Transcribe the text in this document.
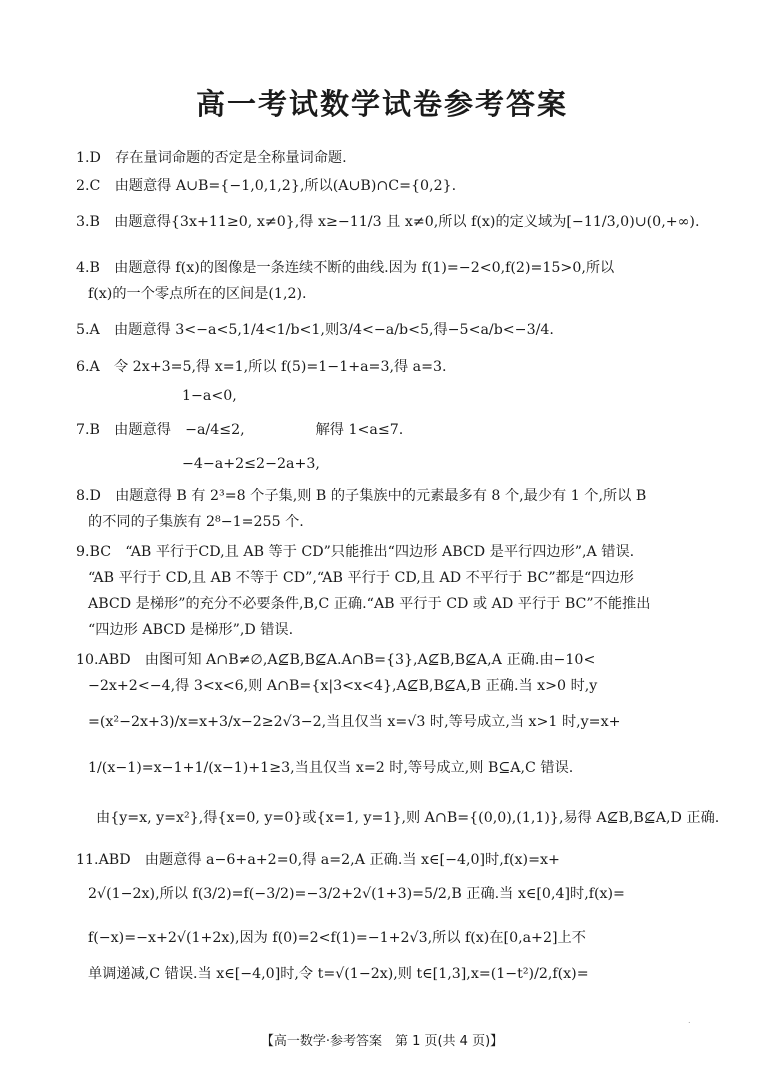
高一考试数学试卷参考答案
1.D　存在量词命题的否定是全称量词命题.
2.C　由题意得 A∪B={−1,0,1,2},所以(A∪B)∩C={0,2}.
3.B　由题意得{3x+11≥0, x≠0},得 x≥−11/3 且 x≠0,所以 f(x)的定义域为[−11/3,0)∪(0,+∞).
4.B　由题意得 f(x)的图像是一条连续不断的曲线.因为 f(1)=−2<0,f(2)=15>0,所以
f(x)的一个零点所在的区间是(1,2).
5.A　由题意得 3<−a<5,1/4<1/b<1,则3/4<−a/b<5,得−5<a/b<−3/4.
6.A　令 2x+3=5,得 x=1,所以 f(5)=1−1+a=3,得 a=3.
1−a<0,
7.B　由题意得　−a/4≤2,　　　　　解得 1<a≤7.
−4−a+2≤2−2a+3,
8.D　由题意得 B 有 2³=8 个子集,则 B 的子集族中的元素最多有 8 个,最少有 1 个,所以 B
的不同的子集族有 2⁸−1=255 个.
9.BC　“AB 平行于CD,且 AB 等于 CD”只能推出“四边形 ABCD 是平行四边形”,A 错误.
“AB 平行于 CD,且 AB 不等于 CD”,“AB 平行于 CD,且 AD 不平行于 BC”都是“四边形
ABCD 是梯形”的充分不必要条件,B,C 正确.“AB 平行于 CD 或 AD 平行于 BC”不能推出
“四边形 ABCD 是梯形”,D 错误.
10.ABD　由图可知 A∩B≠∅,A⊈B,B⊈A.A∩B={3},A⊈B,B⊈A,A 正确.由−10<
−2x+2<−4,得 3<x<6,则 A∩B={x|3<x<4},A⊈B,B⊈A,B 正确.当 x>0 时,y
=(x²−2x+3)/x=x+3/x−2≥2√3−2,当且仅当 x=√3 时,等号成立,当 x>1 时,y=x+
1/(x−1)=x−1+1/(x−1)+1≥3,当且仅当 x=2 时,等号成立,则 B⊆A,C 错误.
由{y=x, y=x²},得{x=0, y=0}或{x=1, y=1},则 A∩B={(0,0),(1,1)},易得 A⊈B,B⊈A,D 正确.
11.ABD　由题意得 a−6+a+2=0,得 a=2,A 正确.当 x∈[−4,0]时,f(x)=x+
2√(1−2x),所以 f(3/2)=f(−3/2)=−3/2+2√(1+3)=5/2,B 正确.当 x∈[0,4]时,f(x)=
f(−x)=−x+2√(1+2x),因为 f(0)=2<f(1)=−1+2√3,所以 f(x)在[0,a+2]上不
单调递减,C 错误.当 x∈[−4,0]时,令 t=√(1−2x),则 t∈[1,3],x=(1−t²)/2,f(x)=
.
【高一数学·参考答案　第 1 页(共 4 页)】
